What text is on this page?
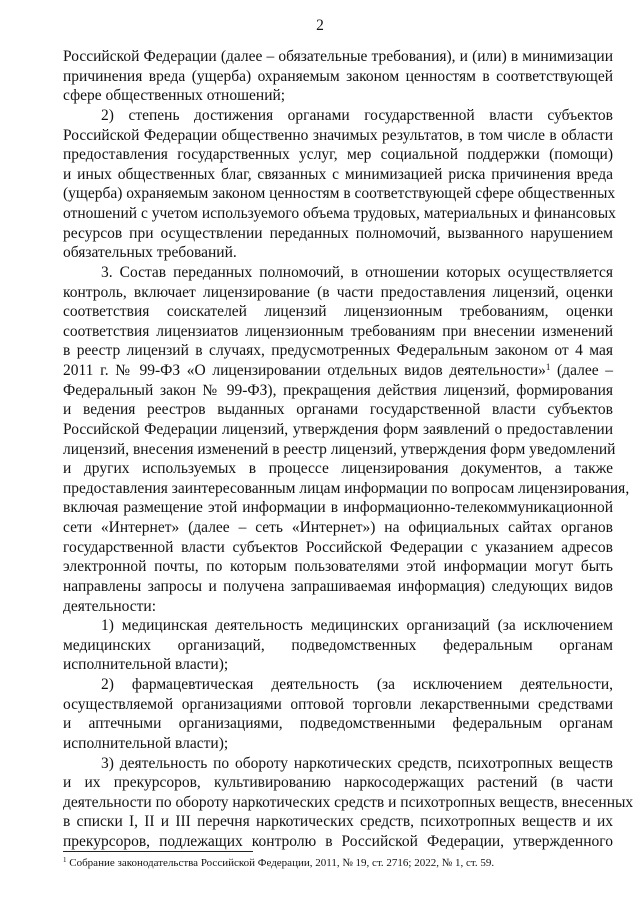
2
Российской Федерации (далее – обязательные требования), и (или) в минимизации
причинения вреда (ущерба) охраняемым законом ценностям в соответствующей
сфере общественных отношений;
2) степень достижения органами государственной власти субъектов
Российской Федерации общественно значимых результатов, в том числе в области
предоставления государственных услуг, мер социальной поддержки (помощи)
и иных общественных благ, связанных с минимизацией риска причинения вреда
(ущерба) охраняемым законом ценностям в соответствующей сфере общественных
отношений с учетом используемого объема трудовых, материальных и финансовых
ресурсов при осуществлении переданных полномочий, вызванного нарушением
обязательных требований.
3. Состав переданных полномочий, в отношении которых осуществляется
контроль, включает лицензирование (в части предоставления лицензий, оценки
соответствия соискателей лицензий лицензионным требованиям, оценки
соответствия лицензиатов лицензионным требованиям при внесении изменений
в реестр лицензий в случаях, предусмотренных Федеральным законом от 4 мая
2011 г. № 99-ФЗ «О лицензировании отдельных видов деятельности»$^1$ (далее –
Федеральный закон № 99-ФЗ), прекращения действия лицензий, формирования
и ведения реестров выданных органами государственной власти субъектов
Российской Федерации лицензий, утверждения форм заявлений о предоставлении
лицензий, внесения изменений в реестр лицензий, утверждения форм уведомлений
и других используемых в процессе лицензирования документов, а также
предоставления заинтересованным лицам информации по вопросам лицензирования,
включая размещение этой информации в информационно-телекоммуникационной
сети «Интернет» (далее – сеть «Интернет») на официальных сайтах органов
государственной власти субъектов Российской Федерации с указанием адресов
электронной почты, по которым пользователями этой информации могут быть
направлены запросы и получена запрашиваемая информация) следующих видов
деятельности:
1) медицинская деятельность медицинских организаций (за исключением
медицинских организаций, подведомственных федеральным органам
исполнительной власти);
2) фармацевтическая деятельность (за исключением деятельности,
осуществляемой организациями оптовой торговли лекарственными средствами
и аптечными организациями, подведомственными федеральным органам
исполнительной власти);
3) деятельность по обороту наркотических средств, психотропных веществ
и их прекурсоров, культивированию наркосодержащих растений (в части
деятельности по обороту наркотических средств и психотропных веществ, внесенных
в списки I, II и III перечня наркотических средств, психотропных веществ и их
прекурсоров, подлежащих контролю в Российской Федерации, утвержденного
$^1$ Собрание законодательства Российской Федерации, 2011, № 19, ст. 2716; 2022, № 1, ст. 59.
